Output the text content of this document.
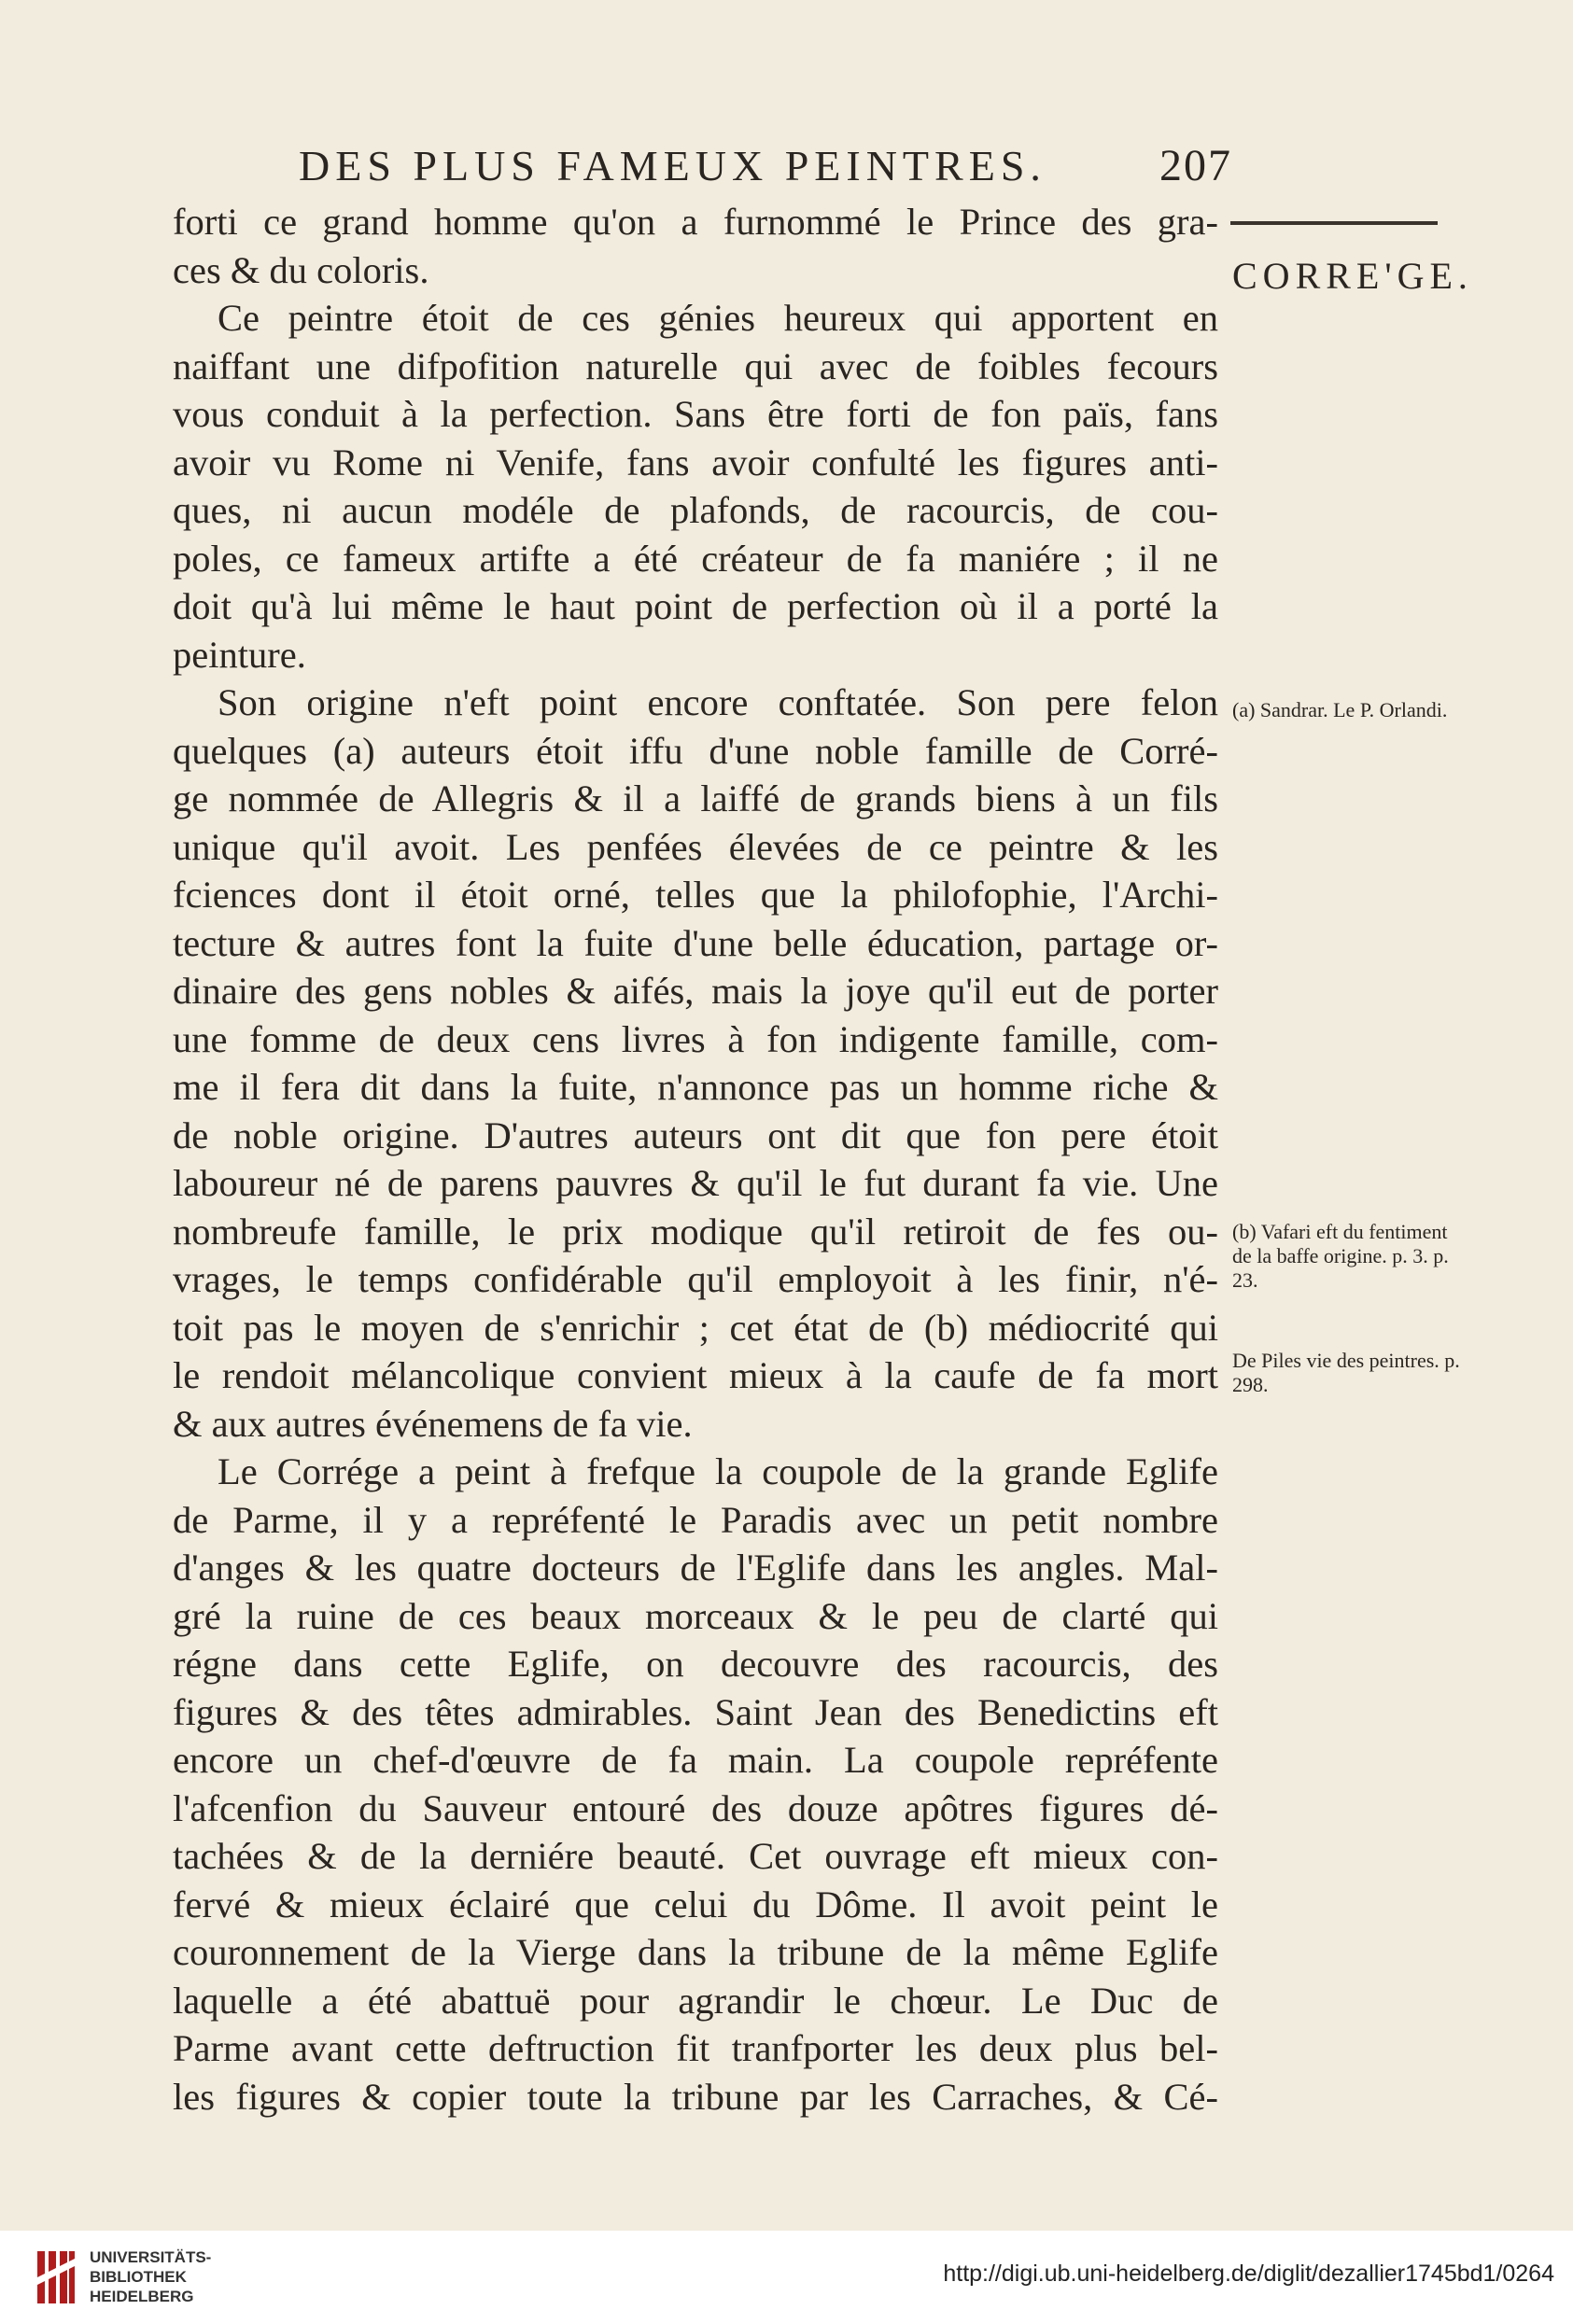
DES PLUS FAMEUX PEINTRES.	207
CORRE'GE.
forti ce grand homme qu'on a furnommé le Prince des gra-
ces & du coloris.
Ce peintre étoit de ces génies heureux qui apportent en
naiffant une difpofition naturelle qui avec de foibles fecours
vous conduit à la perfection. Sans être forti de fon païs, fans
avoir vu Rome ni Venife, fans avoir confulté les figures anti-
ques, ni aucun modéle de plafonds, de racourcis, de cou-
poles, ce fameux artifte a été créateur de fa maniére ; il ne
doit qu'à lui même le haut point de perfection où il a porté la
peinture.
Son origine n'eft point encore conftatée. Son pere felon
quelques (a) auteurs étoit iffu d'une noble famille de Corré-
ge nommée de Allegris & il a laiffé de grands biens à un fils
unique qu'il avoit. Les penfées élevées de ce peintre & les
fciences dont il étoit orné, telles que la philofophie, l'Archi-
tecture & autres font la fuite d'une belle éducation, partage or-
dinaire des gens nobles & aifés, mais la joye qu'il eut de porter
une fomme de deux cens livres à fon indigente famille, com-
me il fera dit dans la fuite, n'annonce pas un homme riche &
de noble origine. D'autres auteurs ont dit que fon pere étoit
laboureur né de parens pauvres & qu'il le fut durant fa vie. Une
nombreufe famille, le prix modique qu'il retiroit de fes ou-
vrages, le temps confidérable qu'il employoit à les finir, n'é-
toit pas le moyen de s'enrichir ; cet état de (b) médiocrité qui
le rendoit mélancolique convient mieux à la caufe de fa mort
& aux autres événemens de fa vie.
Le Corrége a peint à frefque la coupole de la grande Eglife
de Parme, il y a repréfenté le Paradis avec un petit nombre
d'anges & les quatre docteurs de l'Eglife dans les angles. Mal-
gré la ruine de ces beaux morceaux & le peu de clarté qui
régne dans cette Eglife, on decouvre des racourcis, des
figures & des têtes admirables. Saint Jean des Benedictins eft
encore un chef-d'œuvre de fa main. La coupole repréfente
l'afcenfion du Sauveur entouré des douze apôtres figures dé-
tachées & de la derniére beauté. Cet ouvrage eft mieux con-
fervé & mieux éclairé que celui du Dôme. Il avoit peint le
couronnement de la Vierge dans la tribune de la même Eglife
laquelle a été abattuë pour agrandir le chœur. Le Duc de
Parme avant cette deftruction fit tranfporter les deux plus bel-
les figures & copier toute la tribune par les Carraches, & Cé-
(a) Sandrar. Le P. Orlandi.
(b) Vafari eft du fentiment de la baffe origine. p. 3. p. 23.
De Piles vie des peintres. p. 298.
UNIVERSITÄTS-
BIBLIOTHEK
HEIDELBERG
http://digi.ub.uni-heidelberg.de/diglit/dezallier1745bd1/0264
